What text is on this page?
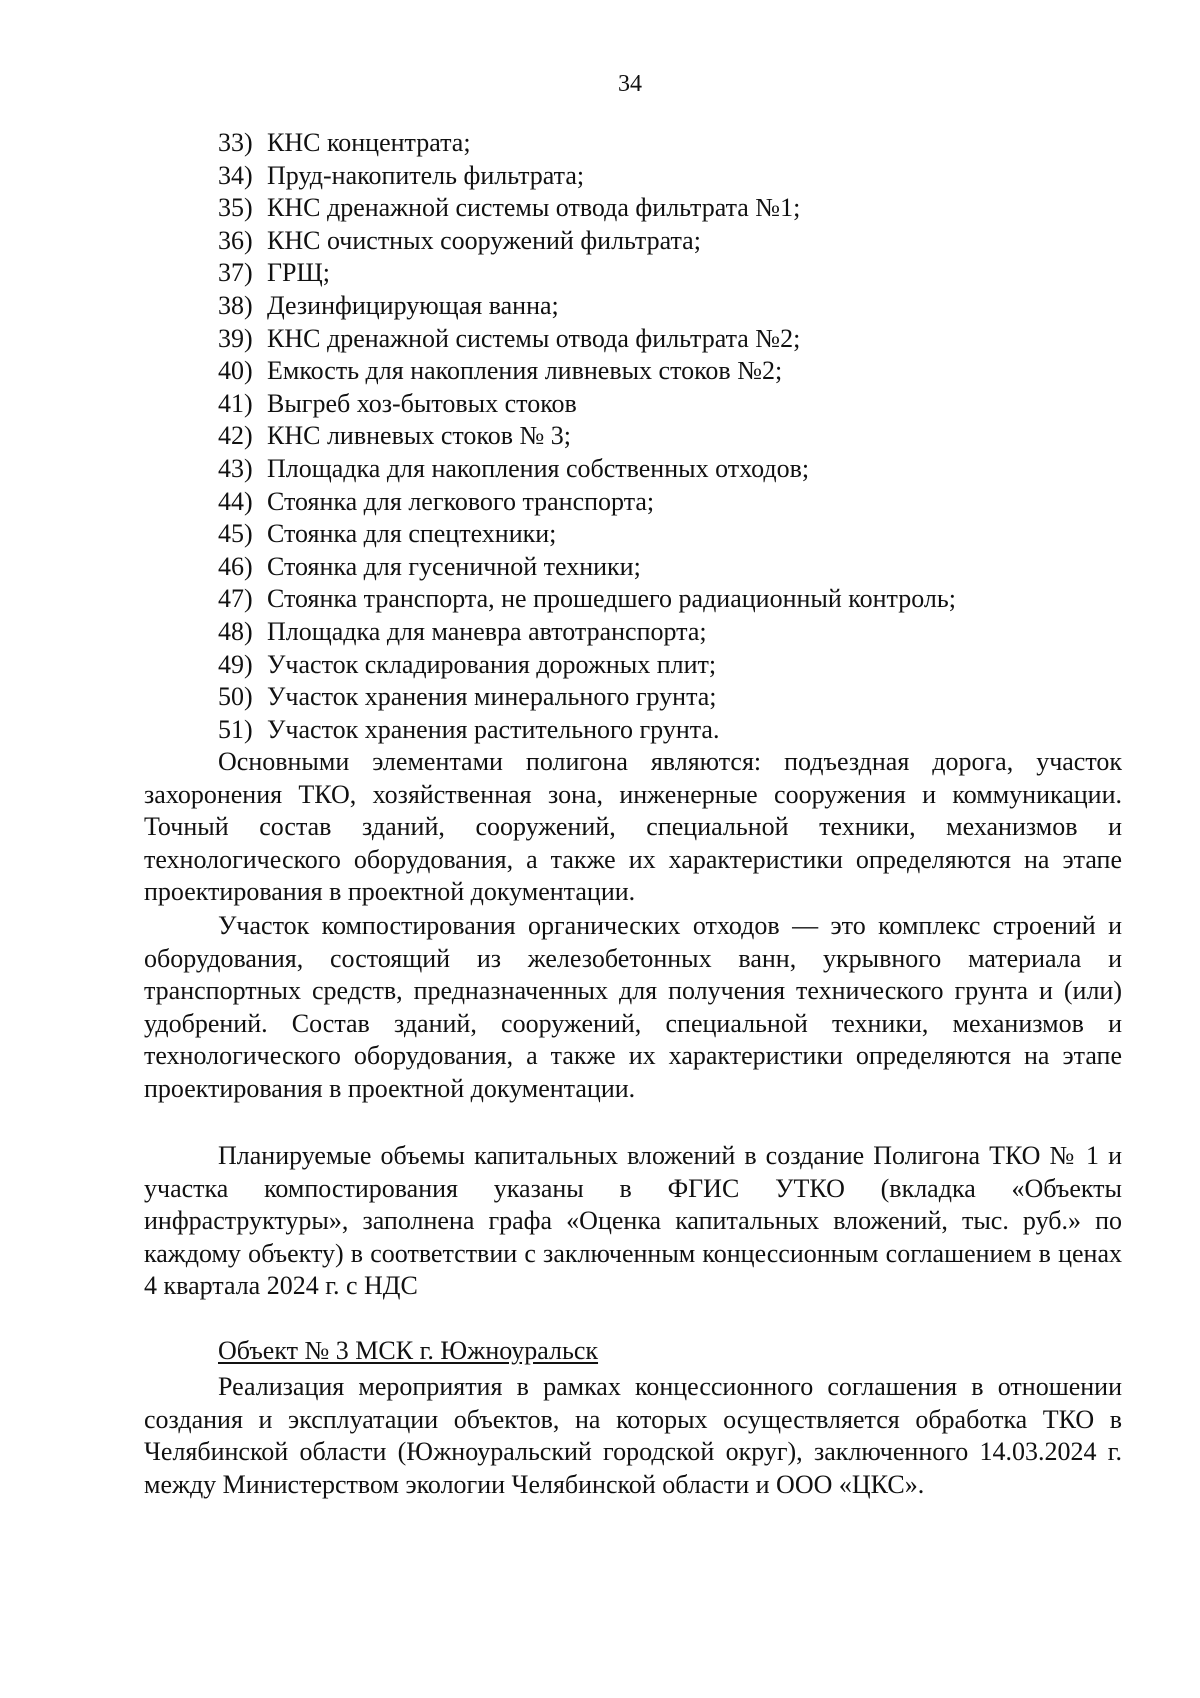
34
33) КНС концентрата;
34) Пруд-накопитель фильтрата;
35) КНС дренажной системы отвода фильтрата №1;
36) КНС очистных сооружений фильтрата;
37) ГРЩ;
38) Дезинфицирующая ванна;
39) КНС дренажной системы отвода фильтрата №2;
40) Емкость для накопления ливневых стоков №2;
41) Выгреб хоз-бытовых стоков
42) КНС ливневых стоков № 3;
43) Площадка для накопления собственных отходов;
44) Стоянка для легкового транспорта;
45) Стоянка для спецтехники;
46) Стоянка для гусеничной техники;
47) Стоянка транспорта, не прошедшего радиационный контроль;
48) Площадка для маневра автотранспорта;
49) Участок складирования дорожных плит;
50) Участок хранения минерального грунта;
51) Участок хранения растительного грунта.

Основными элементами полигона являются: подъездная дорога, участок захоронения ТКО, хозяйственная зона, инженерные сооружения и коммуникации. Точный состав зданий, сооружений, специальной техники, механизмов и технологического оборудования, а также их характеристики определяются на этапе проектирования в проектной документации.

Участок компостирования органических отходов — это комплекс строений и оборудования, состоящий из железобетонных ванн, укрывного материала и транспортных средств, предназначенных для получения технического грунта и (или) удобрений. Состав зданий, сооружений, специальной техники, механизмов и технологического оборудования, а также их характеристики определяются на этапе проектирования в проектной документации.

Планируемые объемы капитальных вложений в создание Полигона ТКО № 1 и участка компостирования указаны в ФГИС УТКО (вкладка «Объекты инфраструктуры», заполнена графа «Оценка капитальных вложений, тыс. руб.» по каждому объекту) в соответствии с заключенным концессионным соглашением в ценах 4 квартала 2024 г. с НДС

Объект № 3 МСК г. Южноуральск

Реализация мероприятия в рамках концессионного соглашения в отношении создания и эксплуатации объектов, на которых осуществляется обработка ТКО в Челябинской области (Южноуральский городской округ), заключенного 14.03.2024 г. между Министерством экологии Челябинской области и ООО «ЦКС».
